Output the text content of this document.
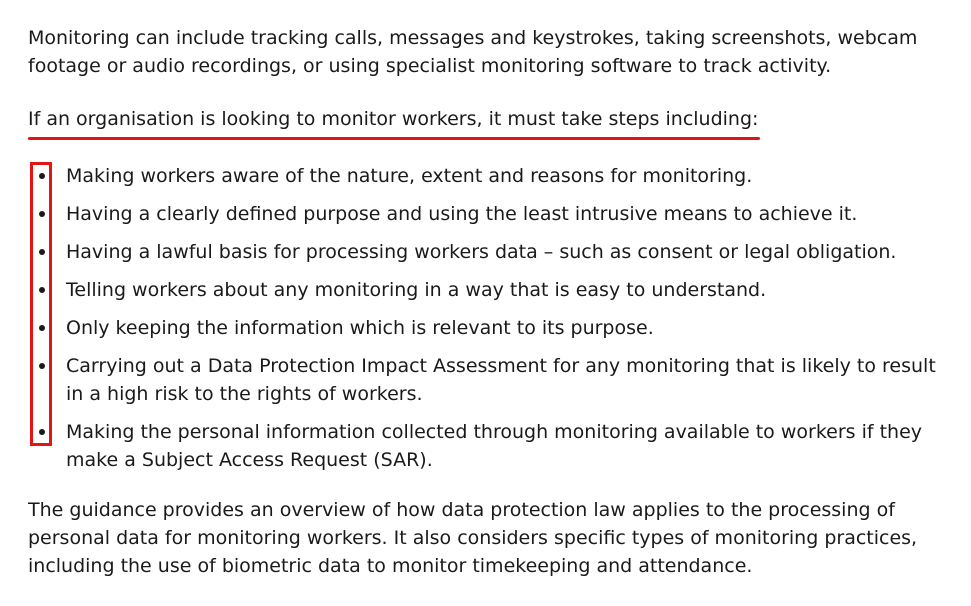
Monitoring can include tracking calls, messages and keystrokes, taking screenshots, webcam footage or audio recordings, or using specialist monitoring software to track activity.

If an organisation is looking to monitor workers, it must take steps including:

Making workers aware of the nature, extent and reasons for monitoring.
Having a clearly defined purpose and using the least intrusive means to achieve it.
Having a lawful basis for processing workers data – such as consent or legal obligation.
Telling workers about any monitoring in a way that is easy to understand.
Only keeping the information which is relevant to its purpose.
Carrying out a Data Protection Impact Assessment for any monitoring that is likely to result in a high risk to the rights of workers.
Making the personal information collected through monitoring available to workers if they make a Subject Access Request (SAR).

The guidance provides an overview of how data protection law applies to the processing of personal data for monitoring workers. It also considers specific types of monitoring practices, including the use of biometric data to monitor timekeeping and attendance.
